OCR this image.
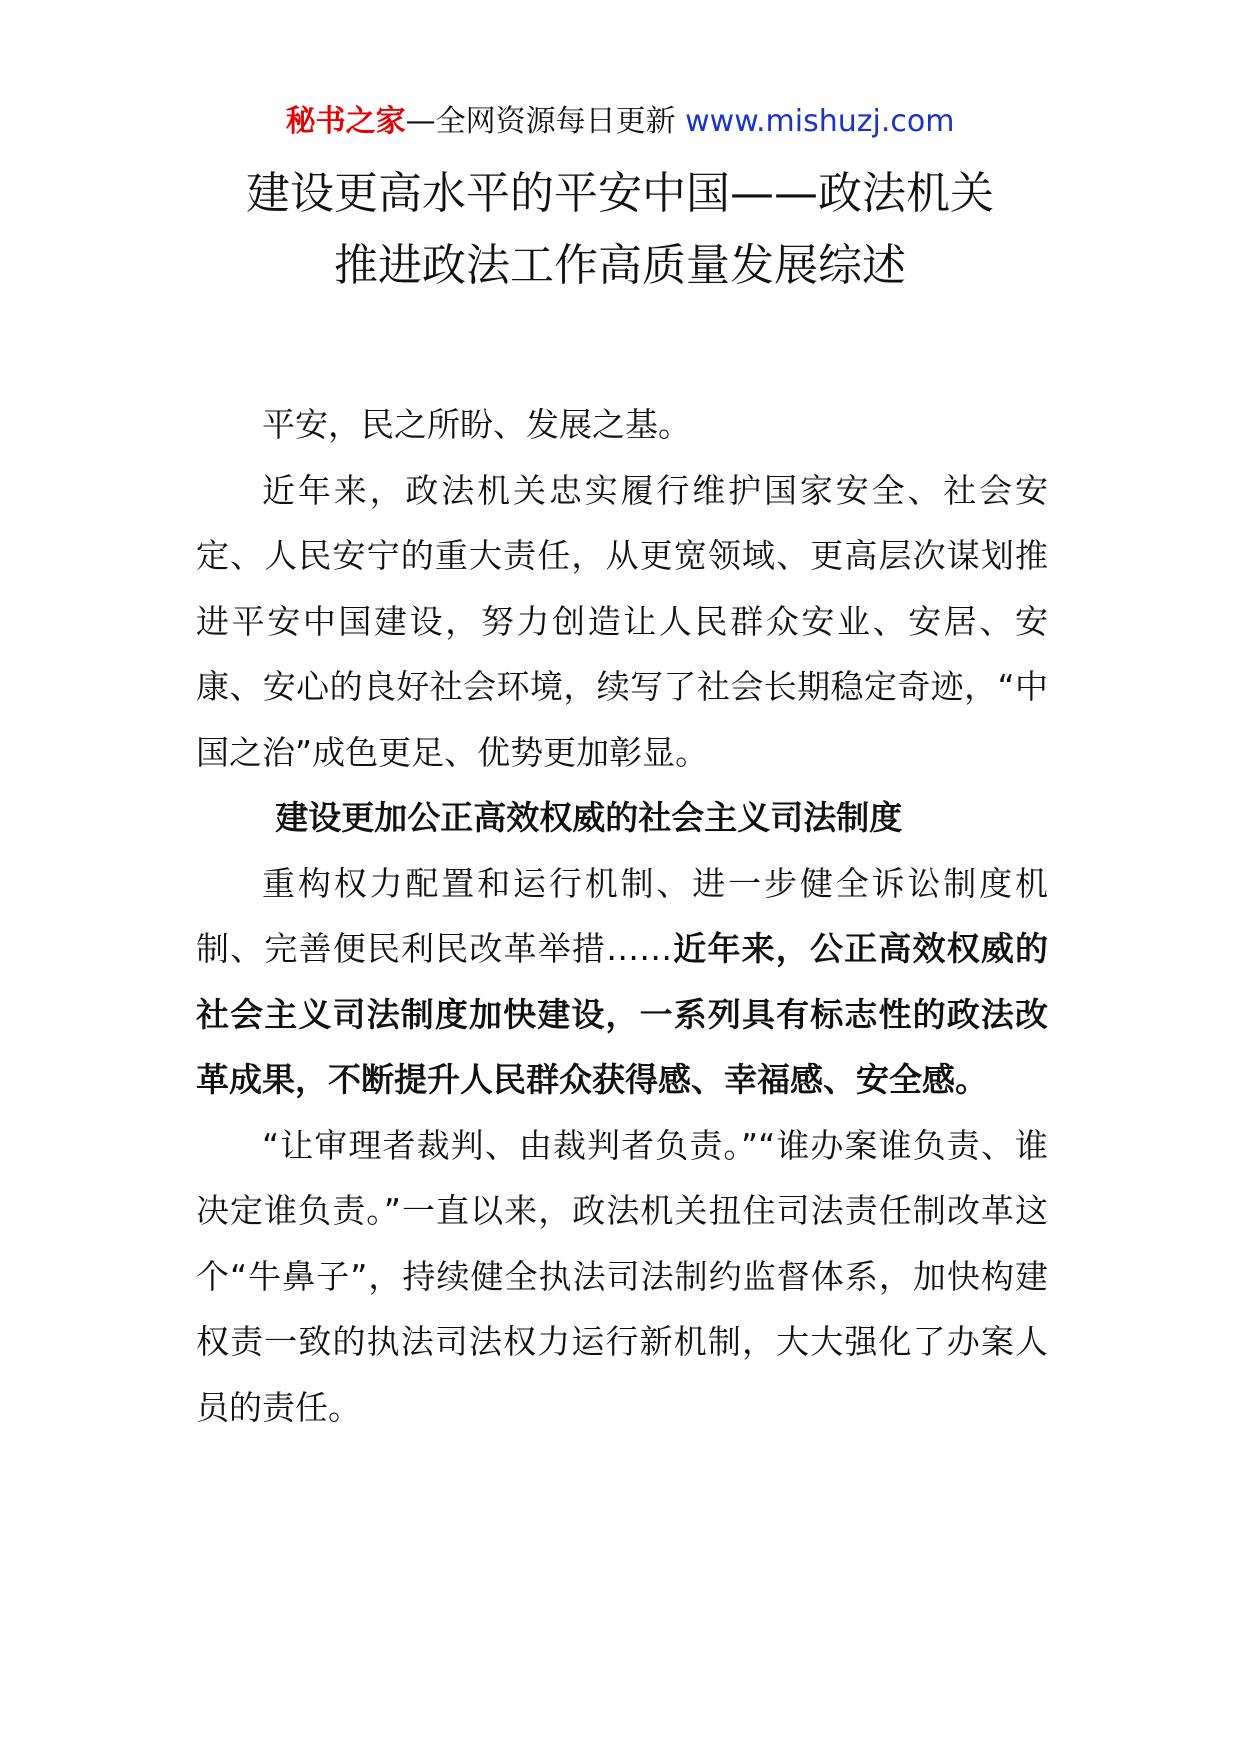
秘书之家—全网资源每日更新 www.mishuzj.com
建设更高水平的平安中国——政法机关
推进政法工作高质量发展综述

平安，民之所盼、发展之基。

近年来，政法机关忠实履行维护国家安全、社会安定、人民安宁的重大责任，从更宽领域、更高层次谋划推进平安中国建设，努力创造让人民群众安业、安居、安康、安心的良好社会环境，续写了社会长期稳定奇迹，“中国之治”成色更足、优势更加彰显。

建设更加公正高效权威的社会主义司法制度

重构权力配置和运行机制、进一步健全诉讼制度机制、完善便民利民改革举措……近年来，公正高效权威的社会主义司法制度加快建设，一系列具有标志性的政法改革成果，不断提升人民群众获得感、幸福感、安全感。

“让审理者裁判、由裁判者负责。”“谁办案谁负责、谁决定谁负责。”一直以来，政法机关扭住司法责任制改革这个“牛鼻子”，持续健全执法司法制约监督体系，加快构建权责一致的执法司法权力运行新机制，大大强化了办案人员的责任。
